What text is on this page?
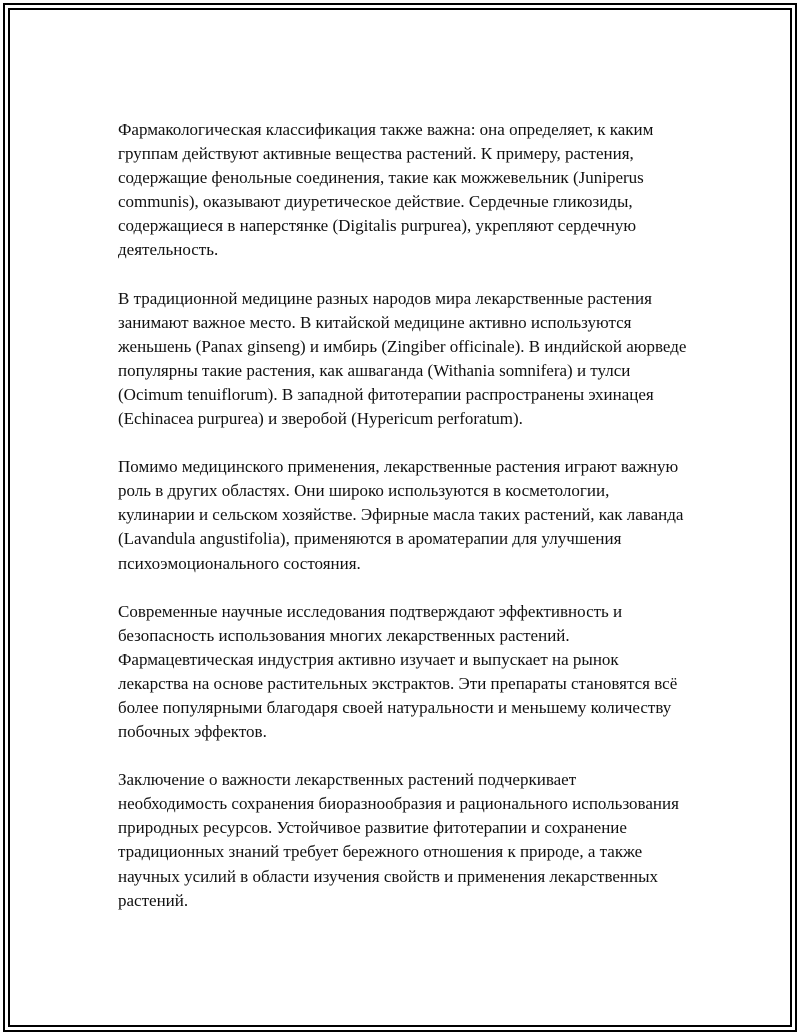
Фармакологическая классификация также важна: она определяет, к каким группам действуют активные вещества растений. К примеру, растения, содержащие фенольные соединения, такие как можжевельник (Juniperus communis), оказывают диуретическое действие. Сердечные гликозиды, содержащиеся в наперстянке (Digitalis purpurea), укрепляют сердечную деятельность.

В традиционной медицине разных народов мира лекарственные растения занимают важное место. В китайской медицине активно используются женьшень (Panax ginseng) и имбирь (Zingiber officinale). В индийской аюрведе популярны такие растения, как ашваганда (Withania somnifera) и тулси (Ocimum tenuiflorum). В западной фитотерапии распространены эхинацея (Echinacea purpurea) и зверобой (Hypericum perforatum).

Помимо медицинского применения, лекарственные растения играют важную роль в других областях. Они широко используются в косметологии, кулинарии и сельском хозяйстве. Эфирные масла таких растений, как лаванда (Lavandula angustifolia), применяются в ароматерапии для улучшения психоэмоционального состояния.

Современные научные исследования подтверждают эффективность и безопасность использования многих лекарственных растений. Фармацевтическая индустрия активно изучает и выпускает на рынок лекарства на основе растительных экстрактов. Эти препараты становятся всё более популярными благодаря своей натуральности и меньшему количеству побочных эффектов.

Заключение о важности лекарственных растений подчеркивает необходимость сохранения биоразнообразия и рационального использования природных ресурсов. Устойчивое развитие фитотерапии и сохранение традиционных знаний требует бережного отношения к природе, а также научных усилий в области изучения свойств и применения лекарственных растений.
